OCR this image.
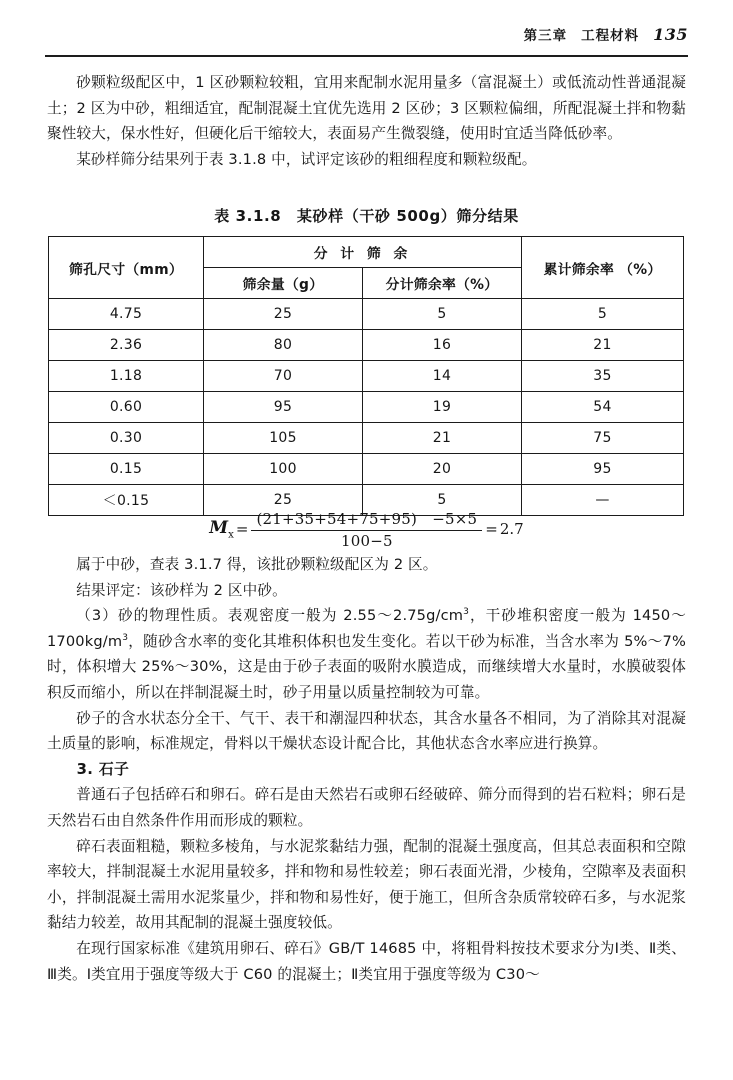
第三章 工程材料 135

砂颗粒级配区中，1 区砂颗粒较粗，宜用来配制水泥用量多（富混凝土）或低流动性普通混凝土；2 区为中砂，粗细适宜，配制混凝土宜优先选用 2 区砂；3 区颗粒偏细，所配混凝土拌和物黏聚性较大，保水性好，但硬化后干缩较大，表面易产生微裂缝，使用时宜适当降低砂率。

某砂样筛分结果列于表 3.1.8 中，试评定该砂的粗细程度和颗粒级配。

表 3.1.8　某砂样（干砂 500g）筛分结果
筛孔尺寸（mm）	分 计 筛 余		累计筛余率 （%）
	筛余量（g）	分计筛余率（%）	
4.75	25	5	5
2.36	80	16	21
1.18	70	14	35
0.60	95	19	54
0.30	105	21	75
0.15	100	20	95
＜0.15	25	5	—
$M_x = \frac{(21+35+54+75+95) -5\times 5}{100-5} = 2.7$

属于中砂，查表 3.1.7 得，该批砂颗粒级配区为 2 区。

结果评定：该砂样为 2 区中砂。

（3）砂的物理性质。表观密度一般为 $2.55\sim 2.75g/cm^3$，干砂堆积密度一般为 $1450\sim 1700kg/m^3$，随砂含水率的变化其堆积体积也发生变化。若以干砂为标准，当含水率为 5%～7%时，体积增大 25%～30%，这是由于砂子表面的吸附水膜造成，而继续增大水量时，水膜破裂体积反而缩小，所以在拌制混凝土时，砂子用量以质量控制较为可靠。

砂子的含水状态分全干、气干、表干和潮湿四种状态，其含水量各不相同，为了消除其对混凝土质量的影响，标准规定，骨料以干燥状态设计配合比，其他状态含水率应进行换算。

3. 石子

普通石子包括碎石和卵石。碎石是由天然岩石或卵石经破碎、筛分而得到的岩石粒料；卵石是天然岩石由自然条件作用而形成的颗粒。

碎石表面粗糙，颗粒多棱角，与水泥浆黏结力强，配制的混凝土强度高，但其总表面积和空隙率较大，拌制混凝土水泥用量较多，拌和物和易性较差；卵石表面光滑，少棱角，空隙率及表面积小，拌制混凝土需用水泥浆量少，拌和物和易性好，便于施工，但所含杂质常较碎石多，与水泥浆黏结力较差，故用其配制的混凝土强度较低。

在现行国家标准《建筑用卵石、碎石》GB/T 14685 中，将粗骨料按技术要求分为Ⅰ类、Ⅱ类、Ⅲ类。Ⅰ类宜用于强度等级大于 C60 的混凝土；Ⅱ类宜用于强度等级为 C30～
